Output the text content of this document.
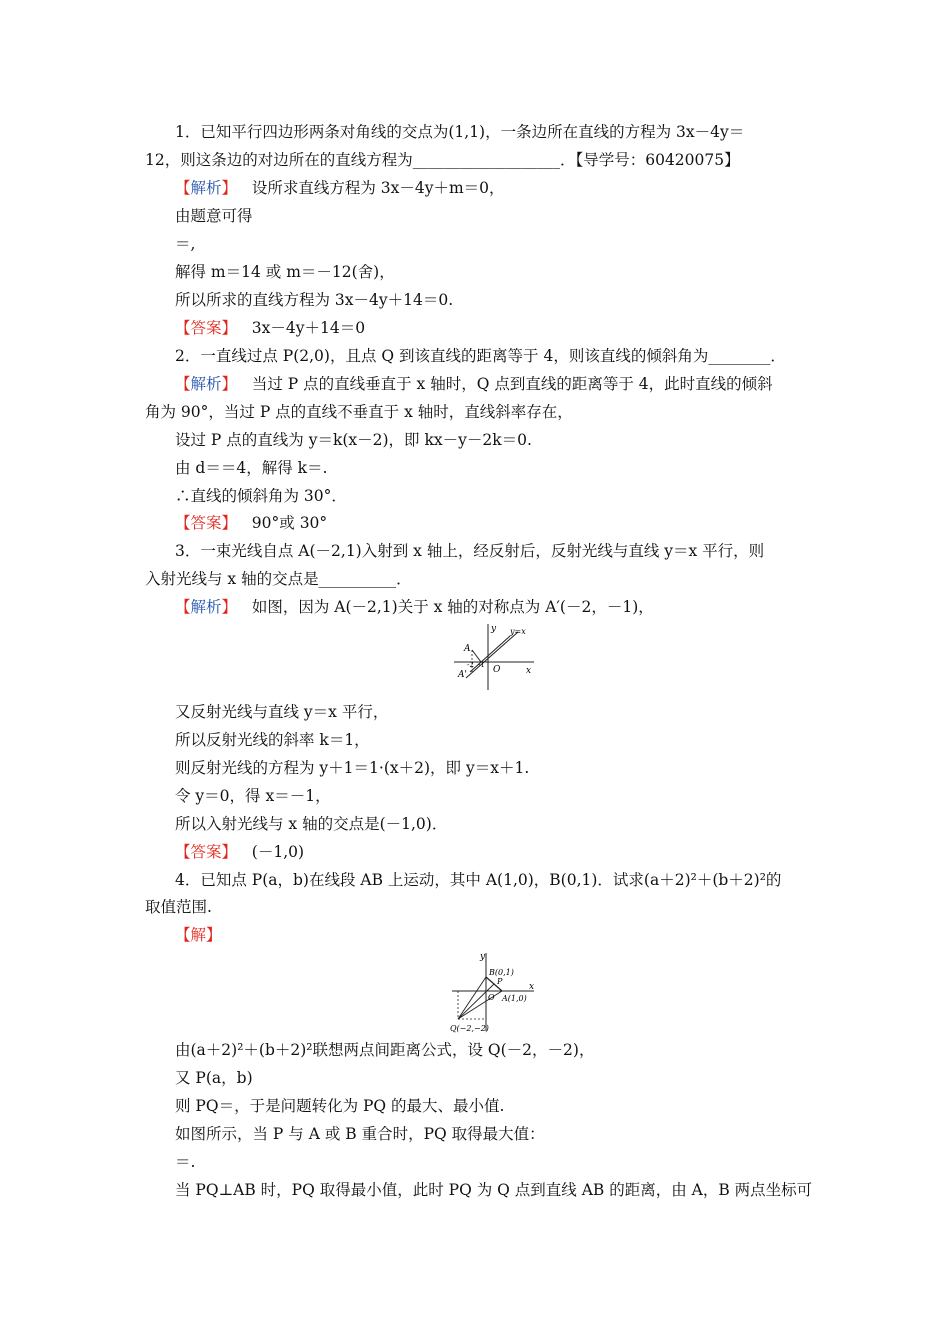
1．已知平行四边形两条对角线的交点为(1,1)，一条边所在直线的方程为 3x－4y＝
12，则这条边的对边所在的直线方程为___________________．【导学号：60420075】
【解析】   设所求直线方程为 3x－4y＋m＝0，
由题意可得
＝,
解得 m＝14 或 m＝－12(舍)，
所以所求的直线方程为 3x－4y＋14＝0.
【答案】   3x－4y＋14＝0
2．一直线过点 P(2,0)，且点 Q 到该直线的距离等于 4，则该直线的倾斜角为________．
【解析】   当过 P 点的直线垂直于 x 轴时，Q 点到直线的距离等于 4，此时直线的倾斜
角为 90°，当过 P 点的直线不垂直于 x 轴时，直线斜率存在，
设过 P 点的直线为 y＝k(x－2)，即 kx－y－2k＝0.
由 d＝＝4，解得 k＝.
∴直线的倾斜角为 30°．
【答案】   90°或 30°
3．一束光线自点 A(－2,1)入射到 x 轴上，经反射后，反射光线与直线 y＝x 平行，则
入射光线与 x 轴的交点是__________．
【解析】   如图，因为 A(－2,1)关于 x 轴的对称点为 A′(－2，－1)，
y
x
y=x
A
A'	O
-2 -1
又反射光线与直线 y＝x 平行，
所以反射光线的斜率 k＝1，
则反射光线的方程为 y＋1＝1·(x＋2)，即 y＝x＋1.
令 y＝0，得 x＝－1，
所以入射光线与 x 轴的交点是(－1,0)．
【答案】   (－1,0)
4．已知点 P(a，b)在线段 AB 上运动，其中 A(1,0)，B(0,1)．试求(a＋2)²＋(b＋2)²的
取值范围.
【解】
y
x
B(0,1)
P
O A(1,0)
Q(−2,−2)
由(a＋2)²＋(b＋2)²联想两点间距离公式，设 Q(－2，－2)，
又 P(a，b)
则 PQ＝，于是问题转化为 PQ 的最大、最小值.
如图所示，当 P 与 A 或 B 重合时，PQ 取得最大值：
＝.
当 PQ⊥AB 时，PQ 取得最小值，此时 PQ 为 Q 点到直线 AB 的距离，由 A，B 两点坐标可
